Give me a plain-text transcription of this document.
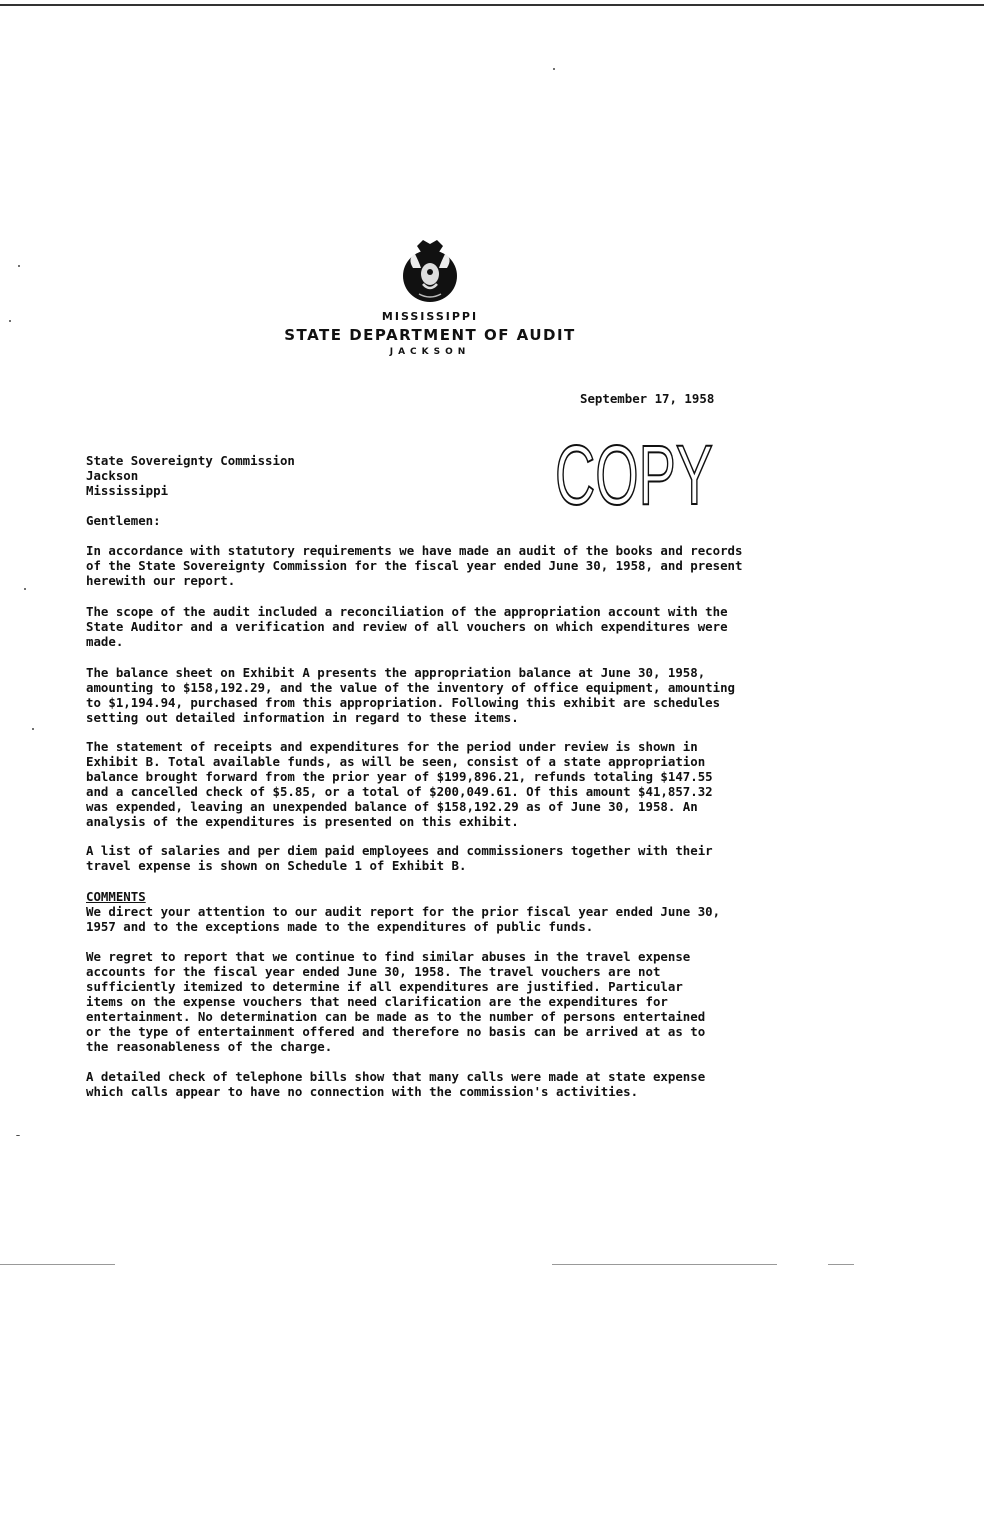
MISSISSIPPI
STATE DEPARTMENT OF AUDIT
JACKSON
September 17, 1958
State Sovereignty Commission
Jackson
Mississippi	COPY
Gentlemen:
In accordance with statutory requirements we have made an audit of the books and records
of the State Sovereignty Commission for the fiscal year ended June 30, 1958, and present
herewith our report.
The scope of the audit included a reconciliation of the appropriation account with the
State Auditor and a verification and review of all vouchers on which expenditures were
made.
The balance sheet on Exhibit A presents the appropriation balance at June 30, 1958,
amounting to $158,192.29, and the value of the inventory of office equipment, amounting
to $1,194.94, purchased from this appropriation. Following this exhibit are schedules
setting out detailed information in regard to these items.
The statement of receipts and expenditures for the period under review is shown in
Exhibit B. Total available funds, as will be seen, consist of a state appropriation
balance brought forward from the prior year of $199,896.21, refunds totaling $147.55
and a cancelled check of $5.85, or a total of $200,049.61. Of this amount $41,857.32
was expended, leaving an unexpended balance of $158,192.29 as of June 30, 1958. An
analysis of the expenditures is presented on this exhibit.
A list of salaries and per diem paid employees and commissioners together with their
travel expense is shown on Schedule 1 of Exhibit B.
COMMENTS
We direct your attention to our audit report for the prior fiscal year ended June 30,
1957 and to the exceptions made to the expenditures of public funds.
We regret to report that we continue to find similar abuses in the travel expense
accounts for the fiscal year ended June 30, 1958. The travel vouchers are not
sufficiently itemized to determine if all expenditures are justified. Particular
items on the expense vouchers that need clarification are the expenditures for
entertainment. No determination can be made as to the number of persons entertained
or the type of entertainment offered and therefore no basis can be arrived at as to
the reasonableness of the charge.
A detailed check of telephone bills show that many calls were made at state expense
which calls appear to have no connection with the commission's activities.
